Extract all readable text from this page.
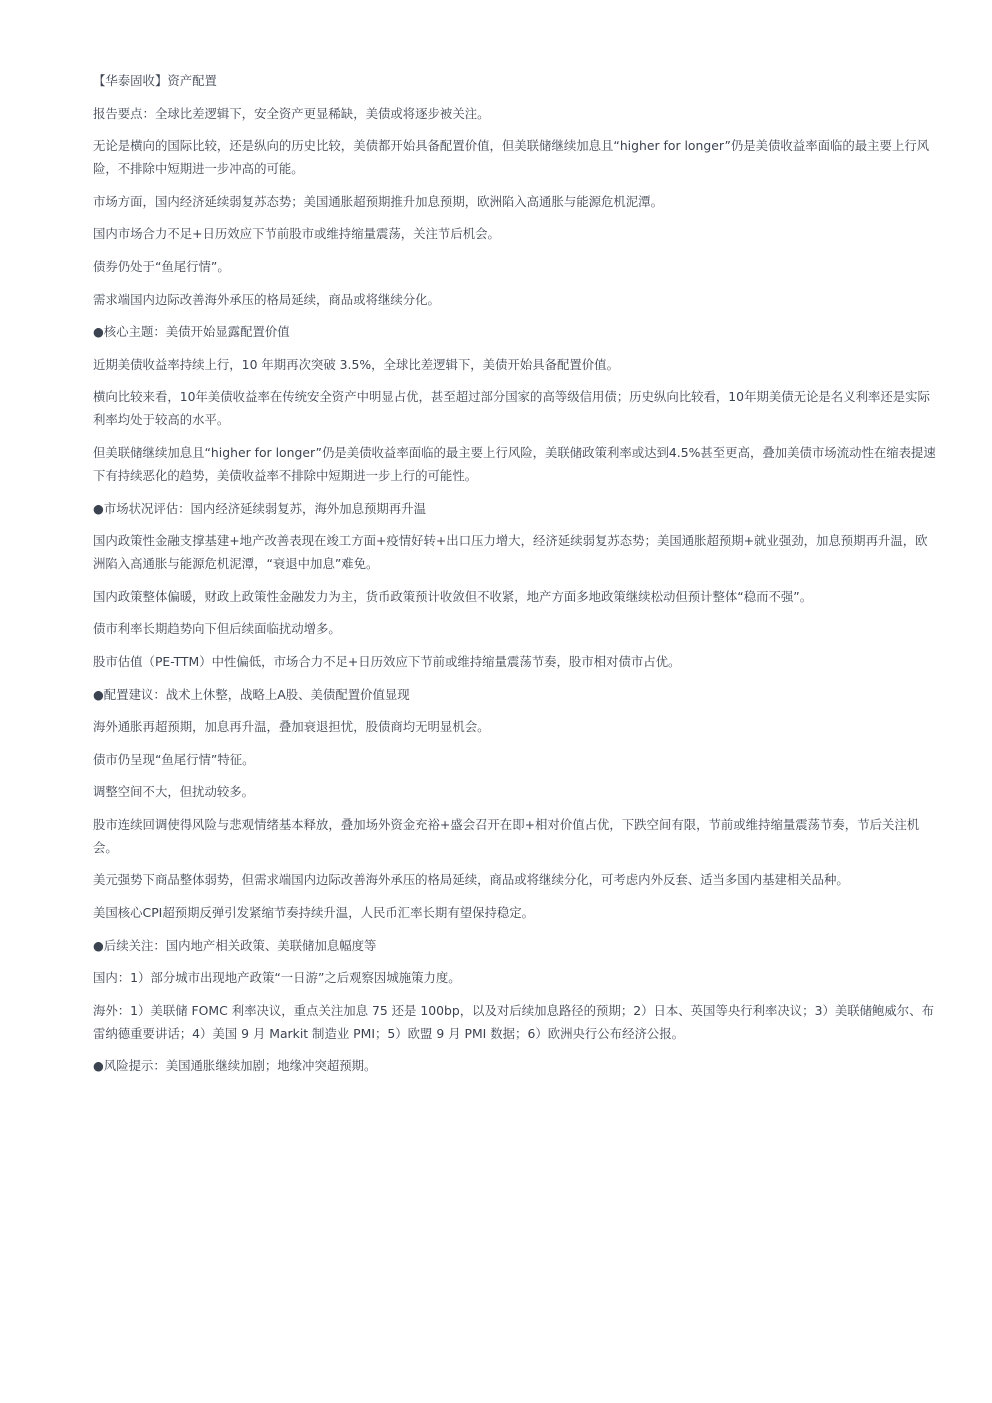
【华泰固收】资产配置

报告要点：全球比差逻辑下，安全资产更显稀缺，美债或将逐步被关注。

无论是横向的国际比较，还是纵向的历史比较，美债都开始具备配置价值，但美联储继续加息且“higher for longer”仍是美债收益率面临的最主要上行风险，不排除中短期进一步冲高的可能。

市场方面，国内经济延续弱复苏态势；美国通胀超预期推升加息预期，欧洲陷入高通胀与能源危机泥潭。

国内市场合力不足+日历效应下节前股市或维持缩量震荡，关注节后机会。

债券仍处于“鱼尾行情”。

需求端国内边际改善海外承压的格局延续，商品或将继续分化。

●核心主题：美债开始显露配置价值

近期美债收益率持续上行，10 年期再次突破 3.5%，全球比差逻辑下，美债开始具备配置价值。

横向比较来看，10年美债收益率在传统安全资产中明显占优，甚至超过部分国家的高等级信用债；历史纵向比较看，10年期美债无论是名义利率还是实际利率均处于较高的水平。

但美联储继续加息且“higher for longer”仍是美债收益率面临的最主要上行风险，美联储政策利率或达到4.5%甚至更高，叠加美债市场流动性在缩表提速下有持续恶化的趋势，美债收益率不排除中短期进一步上行的可能性。

●市场状况评估：国内经济延续弱复苏，海外加息预期再升温

国内政策性金融支撑基建+地产改善表现在竣工方面+疫情好转+出口压力增大，经济延续弱复苏态势；美国通胀超预期+就业强劲，加息预期再升温，欧洲陷入高通胀与能源危机泥潭，“衰退中加息”难免。

国内政策整体偏暖，财政上政策性金融发力为主，货币政策预计收敛但不收紧，地产方面多地政策继续松动但预计整体“稳而不强”。

债市利率长期趋势向下但后续面临扰动增多。

股市估值（PE-TTM）中性偏低，市场合力不足+日历效应下节前或维持缩量震荡节奏，股市相对债市占优。

●配置建议：战术上休整，战略上A股、美债配置价值显现

海外通胀再超预期，加息再升温，叠加衰退担忧，股债商均无明显机会。

债市仍呈现“鱼尾行情”特征。

调整空间不大，但扰动较多。

股市连续回调使得风险与悲观情绪基本释放，叠加场外资金充裕+盛会召开在即+相对价值占优，下跌空间有限，节前或维持缩量震荡节奏，节后关注机会。

美元强势下商品整体弱势，但需求端国内边际改善海外承压的格局延续，商品或将继续分化，可考虑内外反套、适当多国内基建相关品种。

美国核心CPI超预期反弹引发紧缩节奏持续升温，人民币汇率长期有望保持稳定。

●后续关注：国内地产相关政策、美联储加息幅度等

国内：1）部分城市出现地产政策“一日游”之后观察因城施策力度。

海外：1）美联储 FOMC 利率决议，重点关注加息 75 还是 100bp，以及对后续加息路径的预期；2）日本、英国等央行利率决议；3）美联储鲍威尔、布雷纳德重要讲话；4）美国 9 月 Markit 制造业 PMI；5）欧盟 9 月 PMI 数据；6）欧洲央行公布经济公报。

●风险提示：美国通胀继续加剧；地缘冲突超预期。
